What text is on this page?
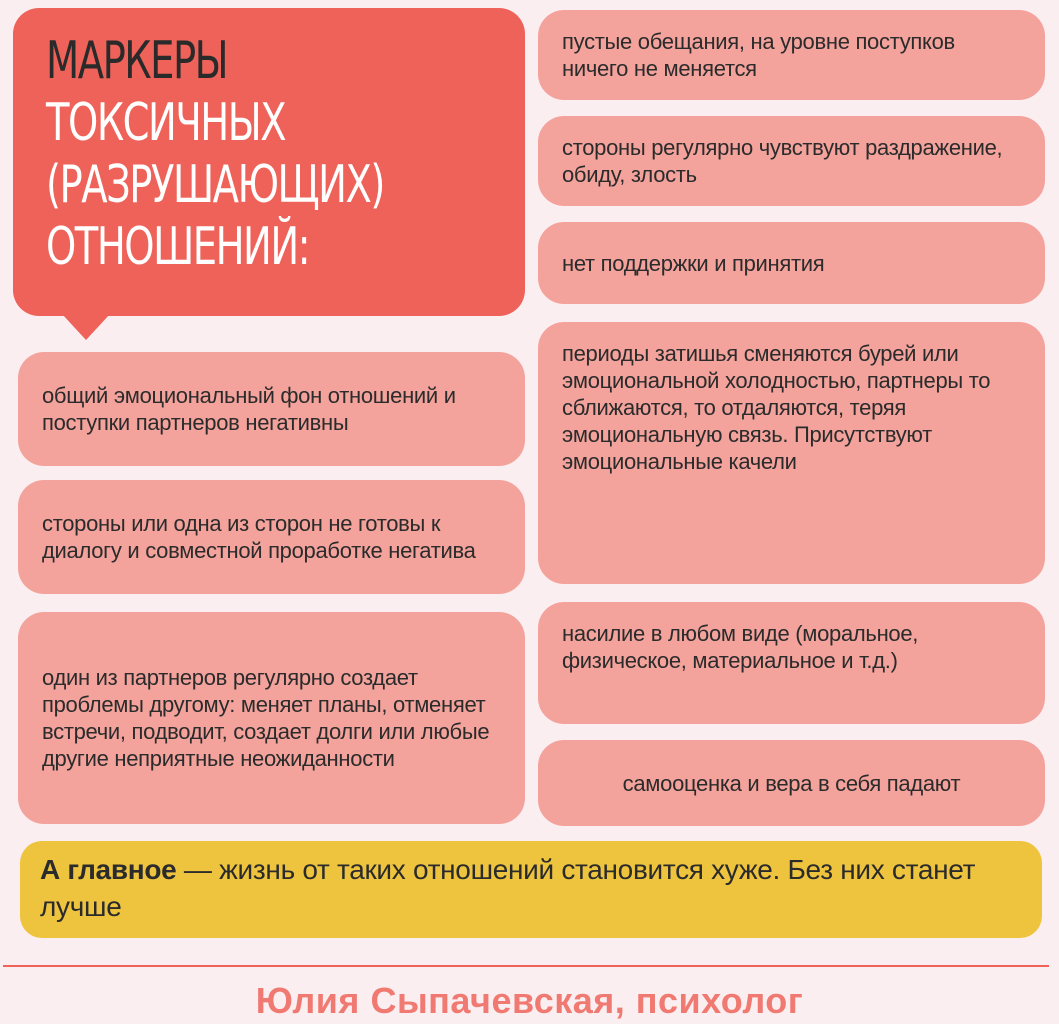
МАРКЕРЫ
ТОКСИЧНЫХ
(РАЗРУШАЮЩИХ)
ОТНОШЕНИЙ:
общий эмоциональный фон отношений и поступки партнеров негативны
стороны или одна из сторон не готовы к диалогу и совместной проработке негатива
один из партнеров регулярно создает проблемы другому: меняет планы, отменяет встречи, подводит, создает долги или любые другие неприятные неожиданности
пустые обещания, на уровне поступков ничего не меняется
стороны регулярно чувствуют раздражение, обиду, злость
нет поддержки и принятия
периоды затишья сменяются бурей или эмоциональной холодностью, партнеры то сближаются, то отдаляются, теряя эмоциональную связь. Присутствуют эмоциональные качели
насилие в любом виде (моральное, физическое, материальное и т.д.)
самооценка и вера в себя падают
А главное — жизнь от таких отношений становится хуже. Без них станет лучше
Юлия Сыпачевская, психолог
